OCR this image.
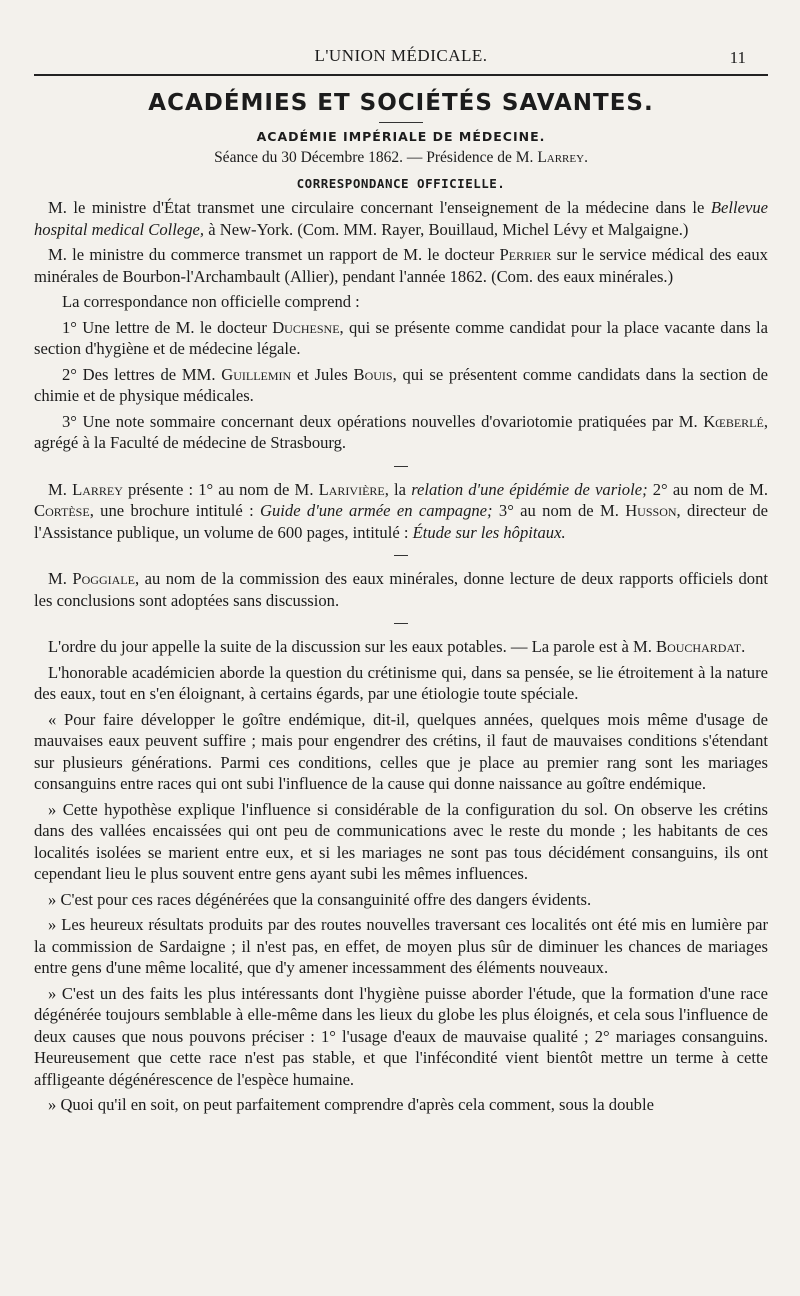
L'UNION MÉDICALE.	11
ACADÉMIES ET SOCIÉTÉS SAVANTES.
ACADÉMIE IMPÉRIALE DE MÉDECINE.
Séance du 30 Décembre 1862. — Présidence de M. Larrey.
CORRESPONDANCE OFFICIELLE.

M. le ministre d'État transmet une circulaire concernant l'enseignement de la médecine dans le Bellevue hospital medical College, à New-York. (Com. MM. Rayer, Bouillaud, Michel Lévy et Malgaigne.)

M. le ministre du commerce transmet un rapport de M. le docteur Perrier sur le service médical des eaux minérales de Bourbon-l'Archambault (Allier), pendant l'année 1862. (Com. des eaux minérales.)

La correspondance non officielle comprend :

1° Une lettre de M. le docteur Duchesne, qui se présente comme candidat pour la place vacante dans la section d'hygiène et de médecine légale.

2° Des lettres de MM. Guillemin et Jules Bouis, qui se présentent comme candidats dans la section de chimie et de physique médicales.

3° Une note sommaire concernant deux opérations nouvelles d'ovariotomie pratiquées par M. Kœberlé, agrégé à la Faculté de médecine de Strasbourg.

M. Larrey présente : 1° au nom de M. Larivière, la relation d'une épidémie de variole; 2° au nom de M. Cortèse, une brochure intitulé : Guide d'une armée en campagne; 3° au nom de M. Husson, directeur de l'Assistance publique, un volume de 600 pages, intitulé : Étude sur les hôpitaux.

M. Poggiale, au nom de la commission des eaux minérales, donne lecture de deux rapports officiels dont les conclusions sont adoptées sans discussion.

L'ordre du jour appelle la suite de la discussion sur les eaux potables. — La parole est à M. Bouchardat.

L'honorable académicien aborde la question du crétinisme qui, dans sa pensée, se lie étroitement à la nature des eaux, tout en s'en éloignant, à certains égards, par une étiologie toute spéciale.

« Pour faire développer le goître endémique, dit-il, quelques années, quelques mois même d'usage de mauvaises eaux peuvent suffire ; mais pour engendrer des crétins, il faut de mauvaises conditions s'étendant sur plusieurs générations. Parmi ces conditions, celles que je place au premier rang sont les mariages consanguins entre races qui ont subi l'influence de la cause qui donne naissance au goître endémique.

» Cette hypothèse explique l'influence si considérable de la configuration du sol. On observe les crétins dans des vallées encaissées qui ont peu de communications avec le reste du monde ; les habitants de ces localités isolées se marient entre eux, et si les mariages ne sont pas tous décidément consanguins, ils ont cependant lieu le plus souvent entre gens ayant subi les mêmes influences.

» C'est pour ces races dégénérées que la consanguinité offre des dangers évidents.

» Les heureux résultats produits par des routes nouvelles traversant ces localités ont été mis en lumière par la commission de Sardaigne ; il n'est pas, en effet, de moyen plus sûr de diminuer les chances de mariages entre gens d'une même localité, que d'y amener incessamment des éléments nouveaux.

» C'est un des faits les plus intéressants dont l'hygiène puisse aborder l'étude, que la formation d'une race dégénérée toujours semblable à elle-même dans les lieux du globe les plus éloignés, et cela sous l'influence de deux causes que nous pouvons préciser : 1° l'usage d'eaux de mauvaise qualité ; 2° mariages consanguins. Heureusement que cette race n'est pas stable, et que l'infécondité vient bientôt mettre un terme à cette affligeante dégénérescence de l'espèce humaine.

» Quoi qu'il en soit, on peut parfaitement comprendre d'après cela comment, sous la double
